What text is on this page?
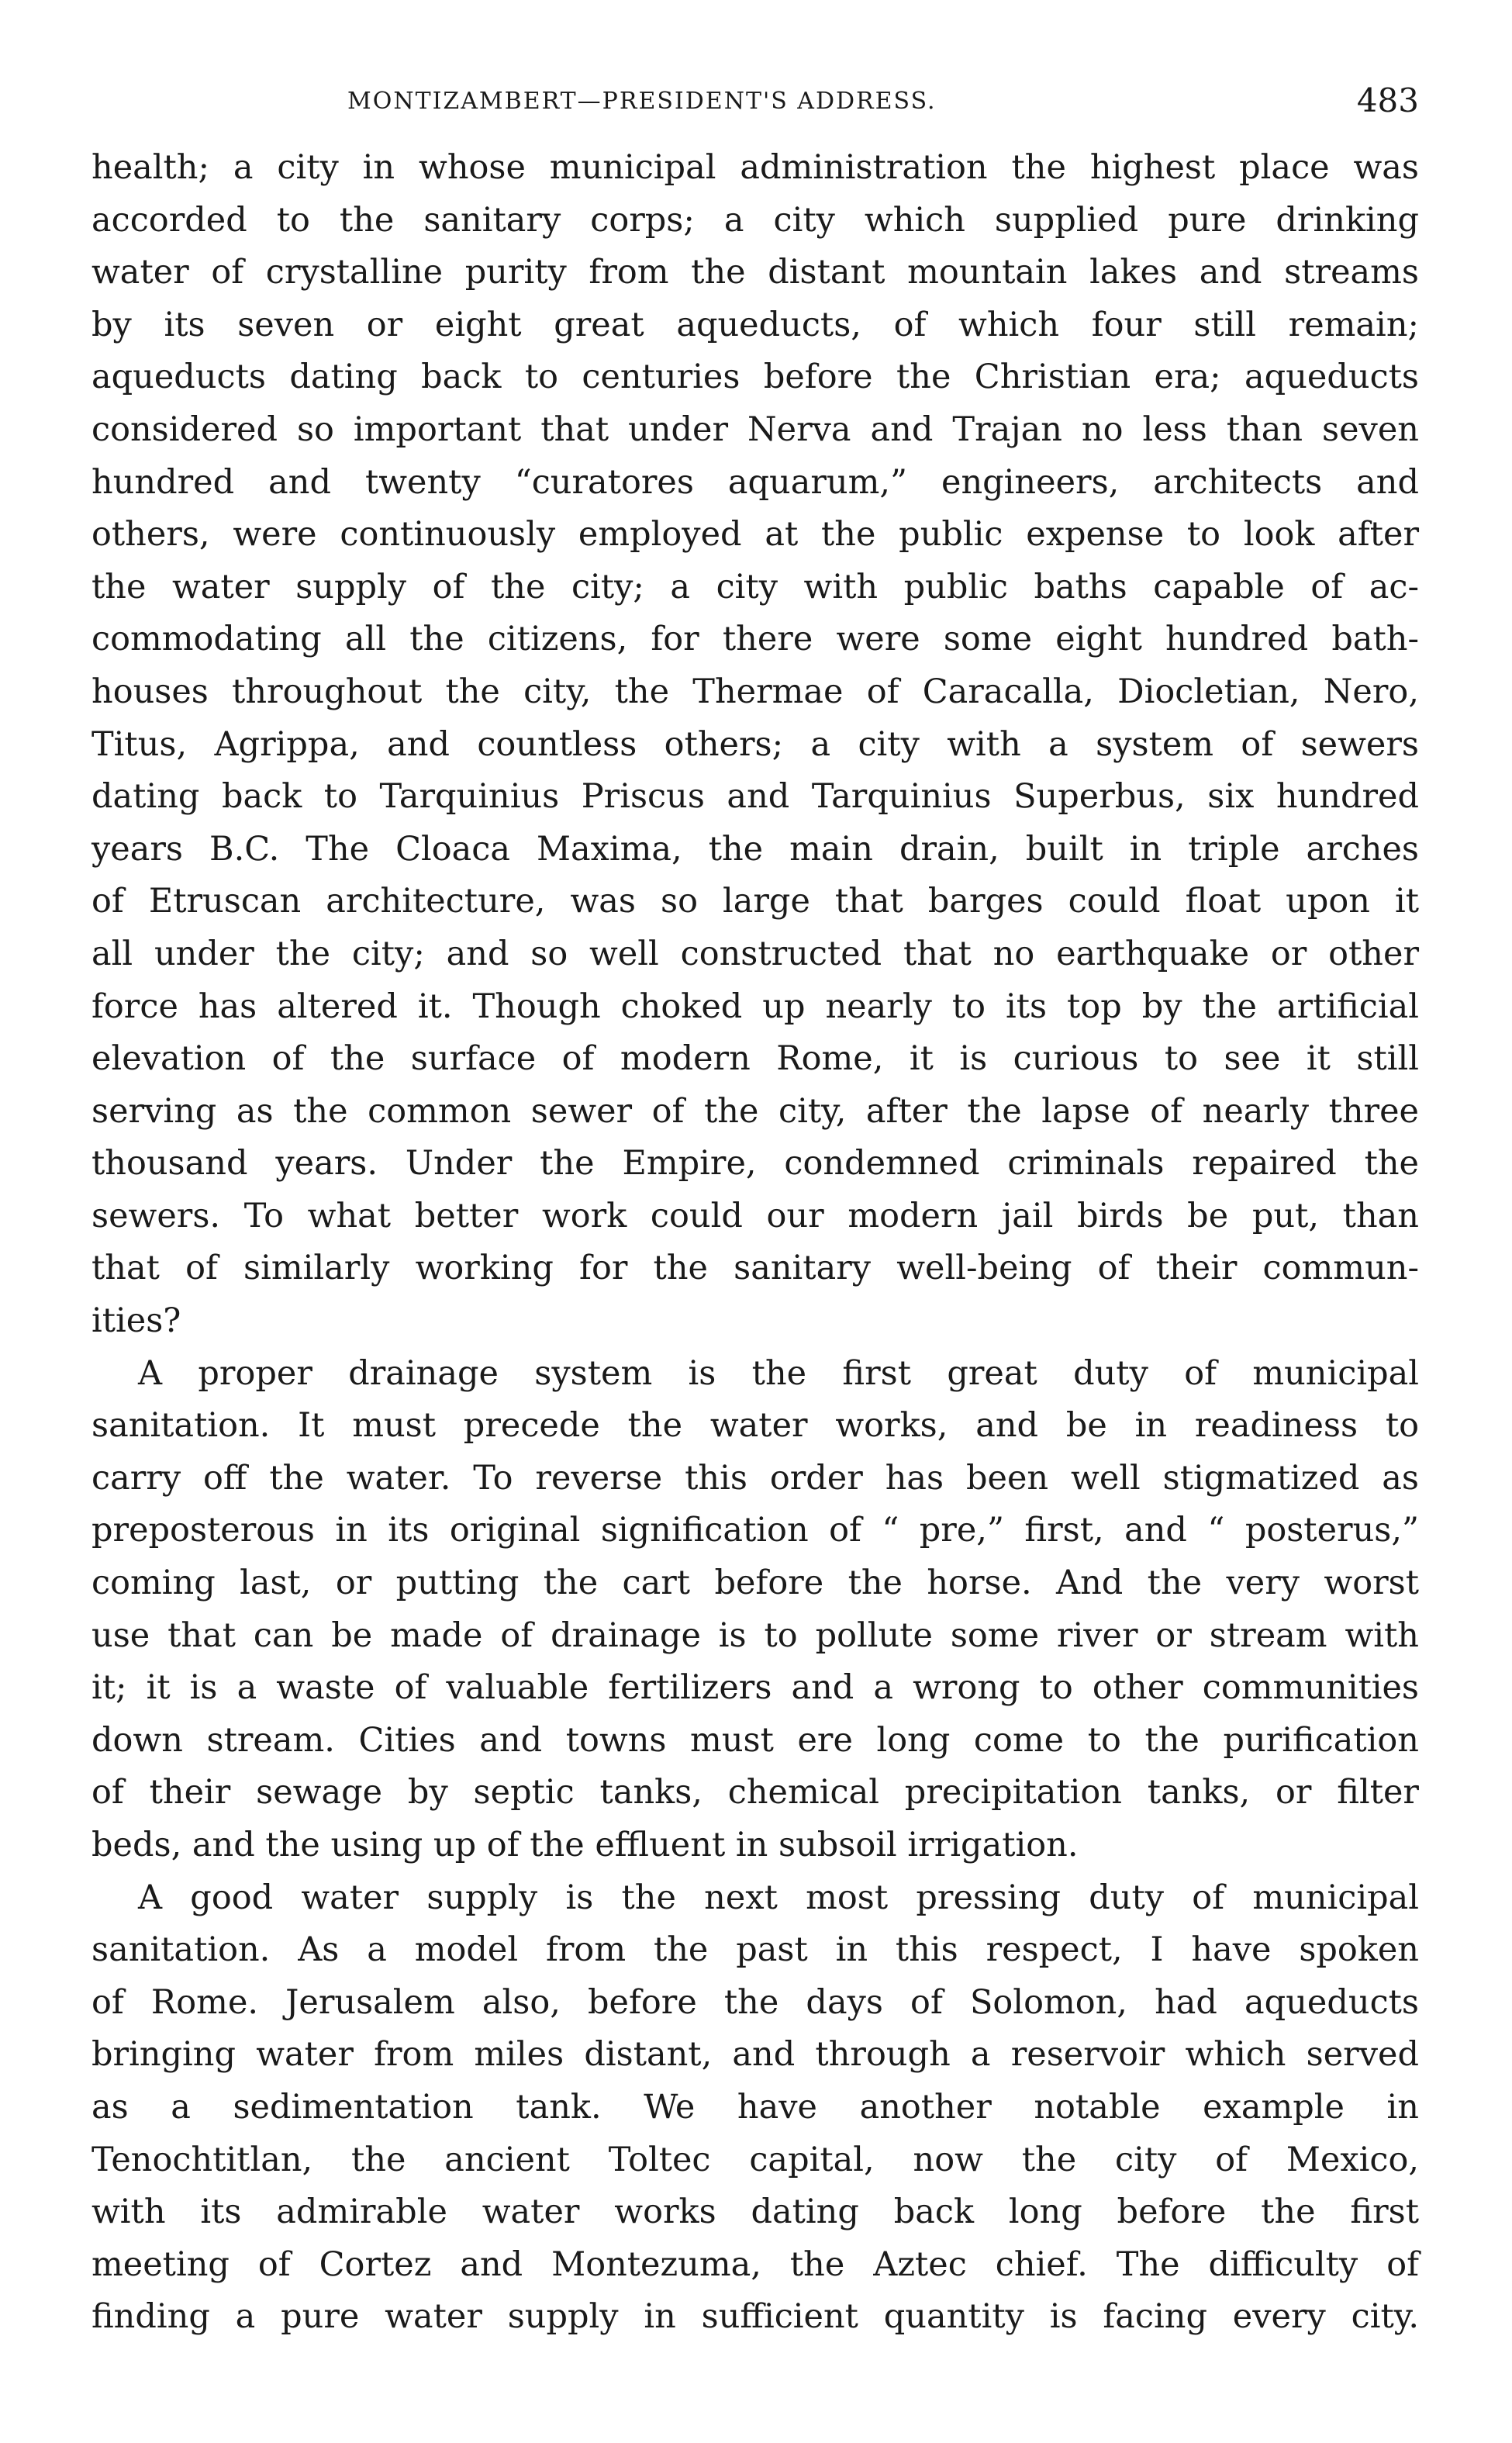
MONTIZAMBERT—PRESIDENT'S ADDRESS.	483
health; a city in whose municipal administration the highest place was
accorded to the sanitary corps; a city which supplied pure drinking
water of crystalline purity from the distant mountain lakes and streams
by its seven or eight great aqueducts, of which four still remain;
aqueducts dating back to centuries before the Christian era; aqueducts
considered so important that under Nerva and Trajan no less than seven
hundred and twenty “curatores aquarum,” engineers, architects and
others, were continuously employed at the public expense to look after
the water supply of the city; a city with public baths capable of ac-
commodating all the citizens, for there were some eight hundred bath-
houses throughout the city, the Thermae of Caracalla, Diocletian, Nero,
Titus, Agrippa, and countless others; a city with a system of sewers
dating back to Tarquinius Priscus and Tarquinius Superbus, six hundred
years B.C. The Cloaca Maxima, the main drain, built in triple arches
of Etruscan architecture, was so large that barges could float upon it
all under the city; and so well constructed that no earthquake or other
force has altered it. Though choked up nearly to its top by the artificial
elevation of the surface of modern Rome, it is curious to see it still
serving as the common sewer of the city, after the lapse of nearly three
thousand years. Under the Empire, condemned criminals repaired the
sewers. To what better work could our modern jail birds be put, than
that of similarly working for the sanitary well-being of their commun-
ities?
A proper drainage system is the first great duty of municipal
sanitation. It must precede the water works, and be in readiness to
carry off the water. To reverse this order has been well stigmatized as
preposterous in its original signification of “ pre,” first, and “ posterus,”
coming last, or putting the cart before the horse. And the very worst
use that can be made of drainage is to pollute some river or stream with
it; it is a waste of valuable fertilizers and a wrong to other communities
down stream. Cities and towns must ere long come to the purification
of their sewage by septic tanks, chemical precipitation tanks, or filter
beds, and the using up of the effluent in subsoil irrigation.
A good water supply is the next most pressing duty of municipal
sanitation. As a model from the past in this respect, I have spoken
of Rome. Jerusalem also, before the days of Solomon, had aqueducts
bringing water from miles distant, and through a reservoir which served
as a sedimentation tank. We have another notable example in
Tenochtitlan, the ancient Toltec capital, now the city of Mexico,
with its admirable water works dating back long before the first
meeting of Cortez and Montezuma, the Aztec chief. The difficulty of
finding a pure water supply in sufficient quantity is facing every city.
